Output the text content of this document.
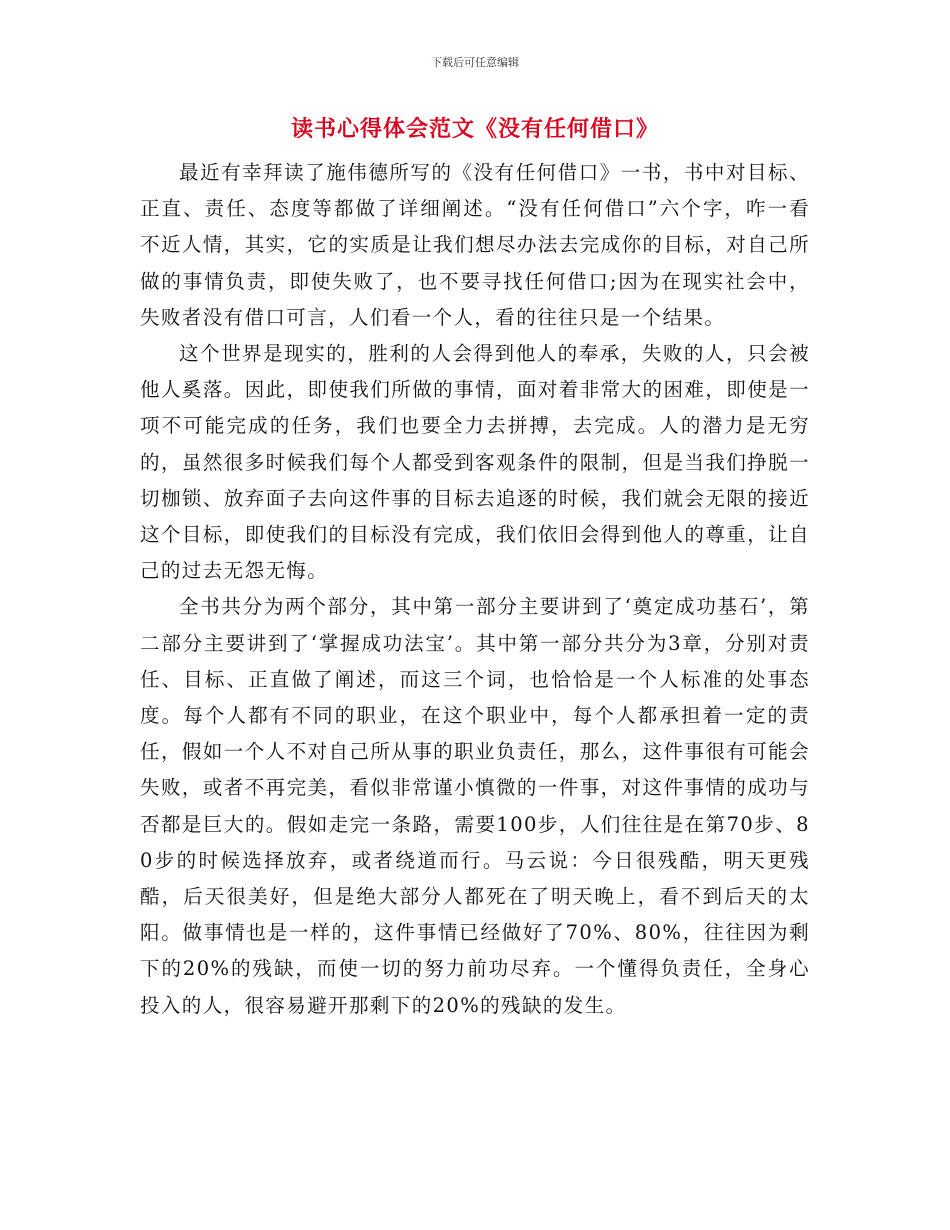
下载后可任意编辑
读书心得体会范文《没有任何借口》

最近有幸拜读了施伟德所写的《没有任何借口》一书，书中对目标、正直、责任、态度等都做了详细阐述。“没有任何借口”六个字，咋一看不近人情，其实，它的实质是让我们想尽办法去完成你的目标，对自己所做的事情负责，即使失败了，也不要寻找任何借口;因为在现实社会中，失败者没有借口可言，人们看一个人，看的往往只是一个结果。

这个世界是现实的，胜利的人会得到他人的奉承，失败的人，只会被他人奚落。因此，即使我们所做的事情，面对着非常大的困难，即使是一项不可能完成的任务，我们也要全力去拼搏，去完成。人的潜力是无穷的，虽然很多时候我们每个人都受到客观条件的限制，但是当我们挣脱一切枷锁、放弃面子去向这件事的目标去追逐的时候，我们就会无限的接近这个目标，即使我们的目标没有完成，我们依旧会得到他人的尊重，让自己的过去无怨无悔。

全书共分为两个部分，其中第一部分主要讲到了‘奠定成功基石’，第二部分主要讲到了‘掌握成功法宝’。其中第一部分共分为3章，分别对责任、目标、正直做了阐述，而这三个词，也恰恰是一个人标准的处事态度。每个人都有不同的职业，在这个职业中，每个人都承担着一定的责任，假如一个人不对自己所从事的职业负责任，那么，这件事很有可能会失败，或者不再完美，看似非常谨小慎微的一件事，对这件事情的成功与否都是巨大的。假如走完一条路，需要100步，人们往往是在第70步、80步的时候选择放弃，或者绕道而行。马云说：今日很残酷，明天更残酷，后天很美好，但是绝大部分人都死在了明天晚上，看不到后天的太阳。做事情也是一样的，这件事情已经做好了70%、80%，往往因为剩下的20%的残缺，而使一切的努力前功尽弃。一个懂得负责任，全身心投入的人，很容易避开那剩下的20%的残缺的发生。
